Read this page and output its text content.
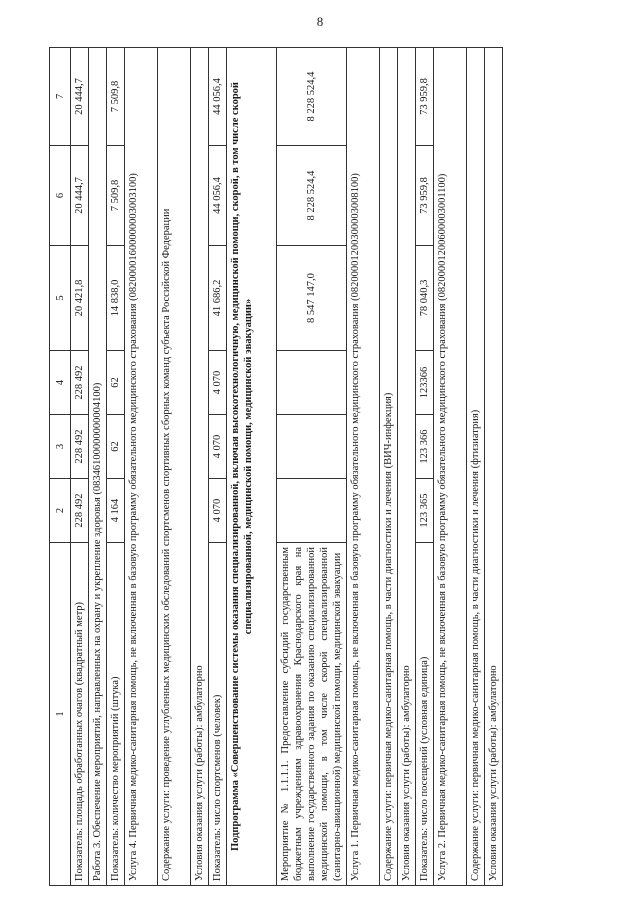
8
1	2	3	4	5	6	7
Показатель: площадь обработанных очагов (квадратный метр)	228 492	228 492	228 492	20 421,8	20 444,7	20 444,7
Работа 3. Обеспечение мероприятий, направленных на охрану и укрепление здоровья (08346100000000004100)						
Показатель: количество мероприятий (штука)	4 164	62	62	14 838,0	7 509,8	7 509,8
Услуга 4. Первичная медико-санитарная помощь, не включенная в базовую программу обязательного медицинского страхования (08200001600000003003100)						
Содержание услуги: проведение углубленных медицинских обследований спортсменов спортивных сборных команд субъекта Российской Федерации						
Условия оказания услуги (работы): амбулаторно						
Показатель: число спортсменов (человек)	4 070	4 070	4 070	41 686,2	44 056,4	44 056,4
Подпрограмма «Совершенствование системы оказания специализированной, включая высокотехнологичную, медицинской помощи, скорой, в том числе скорой специализированной, медицинской помощи, медицинской эвакуации»						
Мероприятие № 1.1.1.1. Предоставление субсидий государственным бюджетным учреждениям здравоохранения Краснодарского края на выполнение государственного задания по оказанию специализированной медицинской помощи, в том числе скорой специализированной (санитарно-авиационной) медицинской помощи, медицинской эвакуации				8 547 147,0	8 228 524,4	8 228 524,4
Услуга 1. Первичная медико-санитарная помощь, не включенная в базовую программу обязательного медицинского страхования (08200001200300003008100)						
Содержание услуги: первичная медико-санитарная помощь, в части диагностики и лечения (ВИЧ-инфекция)						
Условия оказания услуги (работы): амбулаторно						
Показатель: число посещений (условная единица)	123 365	123 366	123366	78 040,3	73 959,8	73 959,8
Услуга 2. Первичная медико-санитарная помощь, не включенная в базовую программу обязательного медицинского страхования (08200001200600003001100)						
Содержание услуги: первичная медико-санитарная помощь, в части диагностики и лечения (фтизиатрия)						
Условия оказания услуги (работы): амбулаторно						
